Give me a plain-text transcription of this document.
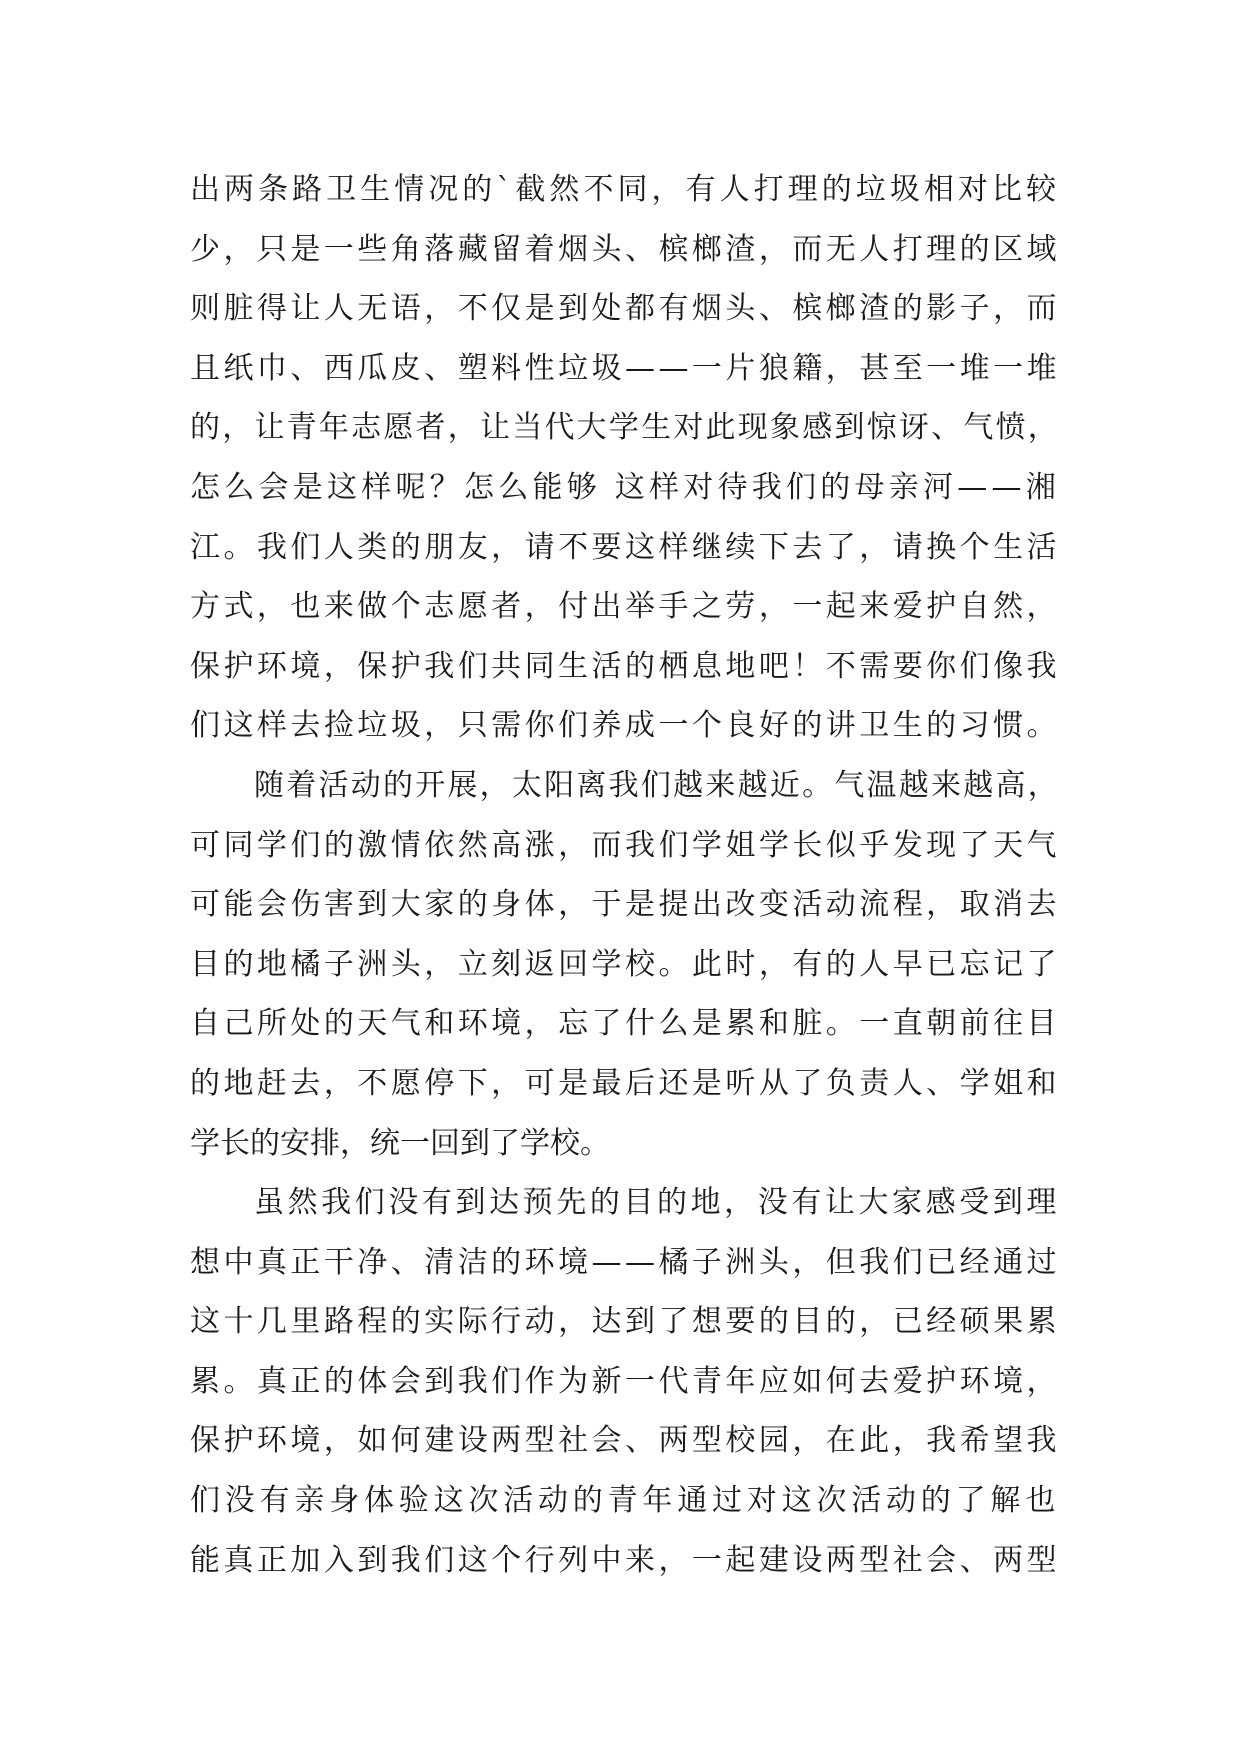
出两条路卫生情况的`截然不同，有人打理的垃圾相对比较
少，只是一些角落藏留着烟头、槟榔渣，而无人打理的区域
则脏得让人无语，不仅是到处都有烟头、槟榔渣的影子，而
且纸巾、西瓜皮、塑料性垃圾——一片狼籍，甚至一堆一堆
的，让青年志愿者，让当代大学生对此现象感到惊讶、气愤，
怎么会是这样呢？怎么能够 这样对待我们的母亲河——湘
江。我们人类的朋友，请不要这样继续下去了，请换个生活
方式，也来做个志愿者，付出举手之劳，一起来爱护自然，
保护环境，保护我们共同生活的栖息地吧！不需要你们像我
们这样去捡垃圾，只需你们养成一个良好的讲卫生的习惯。
随着活动的开展，太阳离我们越来越近。气温越来越高，
可同学们的激情依然高涨，而我们学姐学长似乎发现了天气
可能会伤害到大家的身体，于是提出改变活动流程，取消去
目的地橘子洲头，立刻返回学校。此时，有的人早已忘记了
自己所处的天气和环境，忘了什么是累和脏。一直朝前往目
的地赶去，不愿停下，可是最后还是听从了负责人、学姐和
学长的安排，统一回到了学校。
虽然我们没有到达预先的目的地，没有让大家感受到理
想中真正干净、清洁的环境——橘子洲头，但我们已经通过
这十几里路程的实际行动，达到了想要的目的，已经硕果累
累。真正的体会到我们作为新一代青年应如何去爱护环境，
保护环境，如何建设两型社会、两型校园，在此，我希望我
们没有亲身体验这次活动的青年通过对这次活动的了解也
能真正加入到我们这个行列中来，一起建设两型社会、两型
